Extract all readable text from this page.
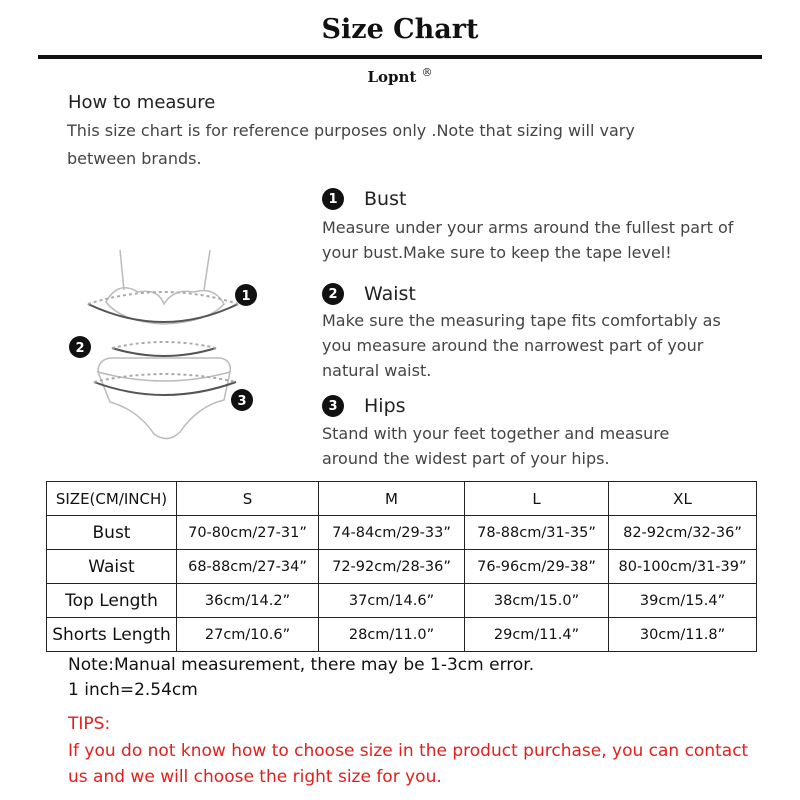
Size Chart
Lopnt ®
How to measure
This size chart is for reference purposes only .Note that sizing will vary between brands.
1
2
3
1	Bust
Measure under your arms around the fullest part of your bust.Make sure to keep the tape level!
2	Waist
Make sure the measuring tape fits comfortably as you measure around the narrowest part of your natural waist.
3	Hips
Stand with your feet together and measure around the widest part of your hips.
SIZE(CM/INCH)	S	M	L	XL
Bust	70-80cm/27-31”	74-84cm/29-33”	78-88cm/31-35”	82-92cm/32-36”
Waist	68-88cm/27-34”	72-92cm/28-36”	76-96cm/29-38”	80-100cm/31-39”
Top Length	36cm/14.2”	37cm/14.6”	38cm/15.0”	39cm/15.4”
Shorts Length	27cm/10.6”	28cm/11.0”	29cm/11.4”	30cm/11.8”
Note:Manual measurement, there may be 1-3cm error.
1 inch=2.54cm
TIPS:
If you do not know how to choose size in the product purchase, you can contact us and we will choose the right size for you.
